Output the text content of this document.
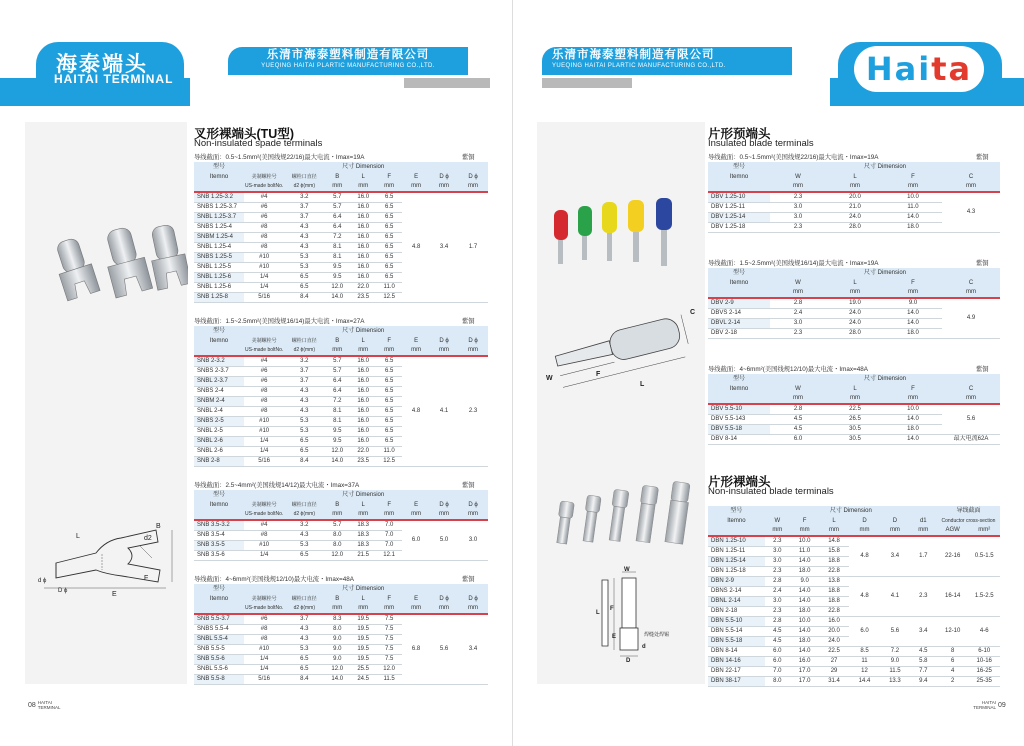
海泰端头
HAITAI TERMINAL
乐清市海泰塑料制造有限公司
YUEQING HAITAI PLARTIC MANUFACTURING CO.,LTD.
L
B
d2
F
E
d ϕ
D ϕ
叉形裸端头(TU型)
Non-insulated spade terminals
导线截面：0.5~1.5mm²(美国线规22/16)最大电流・Imax=19A	紫铜
型号			尺寸 Dimension					
Itemno	美制螺栓号	螺栓口直径	B	L	F	E	D ϕ	D ϕ
	US-made boltNo.	d2 ϕ(mm)	mm	mm	mm	mm	mm	mm
SNB 1.25-3.2	#4	3.2	5.7	16.0	6.5	4.8	3.4	1.7
SNBS 1.25-3.7	#6	3.7	5.7	16.0	6.5			
SNBL 1.25-3.7	#6	3.7	6.4	16.0	6.5			
SNBS 1.25-4	#8	4.3	6.4	16.0	6.5			
SNBM 1.25-4	#8	4.3	7.2	16.0	6.5			
SNBL 1.25-4	#8	4.3	8.1	16.0	6.5			
SNBS 1.25-5	#10	5.3	8.1	16.0	6.5			
SNBL 1.25-5	#10	5.3	9.5	16.0	6.5			
SNBL 1.25-6	1/4	6.5	9.5	16.0	6.5			
SNBL 1.25-6	1/4	6.5	12.0	22.0	11.0			
SNB 1.25-8	5/16	8.4	14.0	23.5	12.5			
导线截面：1.5~2.5mm²(美国线规16/14)最大电流・Imax=27A	紫铜
型号			尺寸 Dimension					
Itemno	美制螺栓号	螺栓口直径	B	L	F	E	D ϕ	D ϕ
	US-made boltNo.	d2 ϕ(mm)	mm	mm	mm	mm	mm	mm
SNB 2-3.2	#4	3.2	5.7	16.0	6.5	4.8	4.1	2.3
SNBS 2-3.7	#6	3.7	5.7	16.0	6.5			
SNBL 2-3.7	#6	3.7	6.4	16.0	6.5			
SNBS 2-4	#8	4.3	6.4	16.0	6.5			
SNBM 2-4	#8	4.3	7.2	16.0	6.5			
SNBL 2-4	#8	4.3	8.1	16.0	6.5			
SNBS 2-5	#10	5.3	8.1	16.0	6.5			
SNBL 2-5	#10	5.3	9.5	16.0	6.5			
SNBL 2-6	1/4	6.5	9.5	16.0	6.5			
SNBL 2-6	1/4	6.5	12.0	22.0	11.0			
SNB 2-8	5/16	8.4	14.0	23.5	12.5			
导线截面：2.5~4mm²(美国线规14/12)最大电流・Imax=37A	紫铜
型号			尺寸 Dimension					
Itemno	美制螺栓号	螺栓口直径	B	L	F	E	D ϕ	D ϕ
	US-made boltNo.	d2 ϕ(mm)	mm	mm	mm	mm	mm	mm
SNB 3.5-3.2	#4	3.2	5.7	18.3	7.0	6.0	5.0	3.0
SNB 3.5-4	#8	4.3	8.0	18.3	7.0			
SNB 3.5-5	#10	5.3	8.0	18.3	7.0			
SNB 3.5-6	1/4	6.5	12.0	21.5	12.1			
导线截面：4~6mm²(美国线规12/10)最大电流・Imax=48A	紫铜
型号			尺寸 Dimension					
Itemno	美制螺栓号	螺栓口直径	B	L	F	E	D ϕ	D ϕ
	US-made boltNo.	d2 ϕ(mm)	mm	mm	mm	mm	mm	mm
SNB 5.5-3.7	#6	3.7	8.3	19.5	7.5	6.8	5.6	3.4
SNBS 5.5-4	#8	4.3	8.0	19.5	7.5			
SNBL 5.5-4	#8	4.3	9.0	19.5	7.5			
SNB 5.5-5	#10	5.3	9.0	19.5	7.5			
SNB 5.5-6	1/4	6.5	9.0	19.5	7.5			
SNBL 5.5-6	1/4	6.5	12.0	25.5	12.0			
SNB 5.5-8	5/16	8.4	14.0	24.5	11.5			
08 HAITAI TERMINAL
乐清市海泰塑料制造有限公司
YUEQING HAITAI PLARTIC MANUFACTURING CO.,LTD.	Haita
C
W
F
L
W
F
L
E
D
d
焊缝处焊锡
片形预端头
Insulated blade terminals
片形裸端头
Non-insulated blade terminals
导线截面：0.5~1.5mm²(美国线规22/16)最大电流・Imax=19A	紫铜
型号	尺寸 Dimension			
Itemno	W	L	F	C
	mm	mm	mm	mm
DBV 1.25-10	2.3	20.0	10.0	4.3
DBV 1.25-11	3.0	21.0	11.0	
DBV 1.25-14	3.0	24.0	14.0	
DBV 1.25-18	2.3	28.0	18.0	
导线截面：1.5~2.5mm²(美国线规16/14)最大电流・Imax=19A	紫铜
型号	尺寸 Dimension			
Itemno	W	L	F	C
	mm	mm	mm	mm
DBV 2-9	2.8	19.0	9.0	4.9
DBVS 2-14	2.4	24.0	14.0	
DBVL 2-14	3.0	24.0	14.0	
DBV 2-18	2.3	28.0	18.0	
导线截面：4~6mm²(美国线规12/10)最大电流・Imax=48A	紫铜
型号	尺寸 Dimension			
Itemno	W	L	F	C
	mm	mm	mm	mm
DBV 5.5-10	2.8	22.5	10.0	5.6
DBV 5.5-143	4.5	26.5	14.0	
DBV 5.5-18	4.5	30.5	18.0	
DBV 8-14	6.0	30.5	14.0	最大电流62A
型号	尺寸 Dimension						导线截面	
Itemno	W	F	L	D	D	d1	Conductor cross-section	
	mm	mm	mm	mm	mm	mm	AGW	mm²
DBN 1.25-10	2.3	10.0	14.8	4.8	3.4	1.7	22-16	0.5-1.5
DBN 1.25-11	3.0	11.0	15.8					
DBN 1.25-14	3.0	14.0	18.8					
DBN 1.25-18	2.3	18.0	22.8					
DBN 2-9	2.8	9.0	13.8	4.8	4.1	2.3	16-14	1.5-2.5
DBNS 2-14	2.4	14.0	18.8					
DBNL 2-14	3.0	14.0	18.8					
DBN 2-18	2.3	18.0	22.8					
DBN 5.5-10	2.8	10.0	16.0	6.0	5.6	3.4	12-10	4-6
DBN 5.5-14	4.5	14.0	20.0					
DBN 5.5-18	4.5	18.0	24.0					
DBN 8-14	6.0	14.0	22.5	8.5	7.2	4.5	8	6-10
DBN 14-16	6.0	16.0	27	11	9.0	5.8	6	10-16
DBN 22-17	7.0	17.0	29	12	11.5	7.7	4	16-25
DBN 38-17	8.0	17.0	31.4	14.4	13.3	9.4	2	25-35
HAITAI TERMINAL 09
